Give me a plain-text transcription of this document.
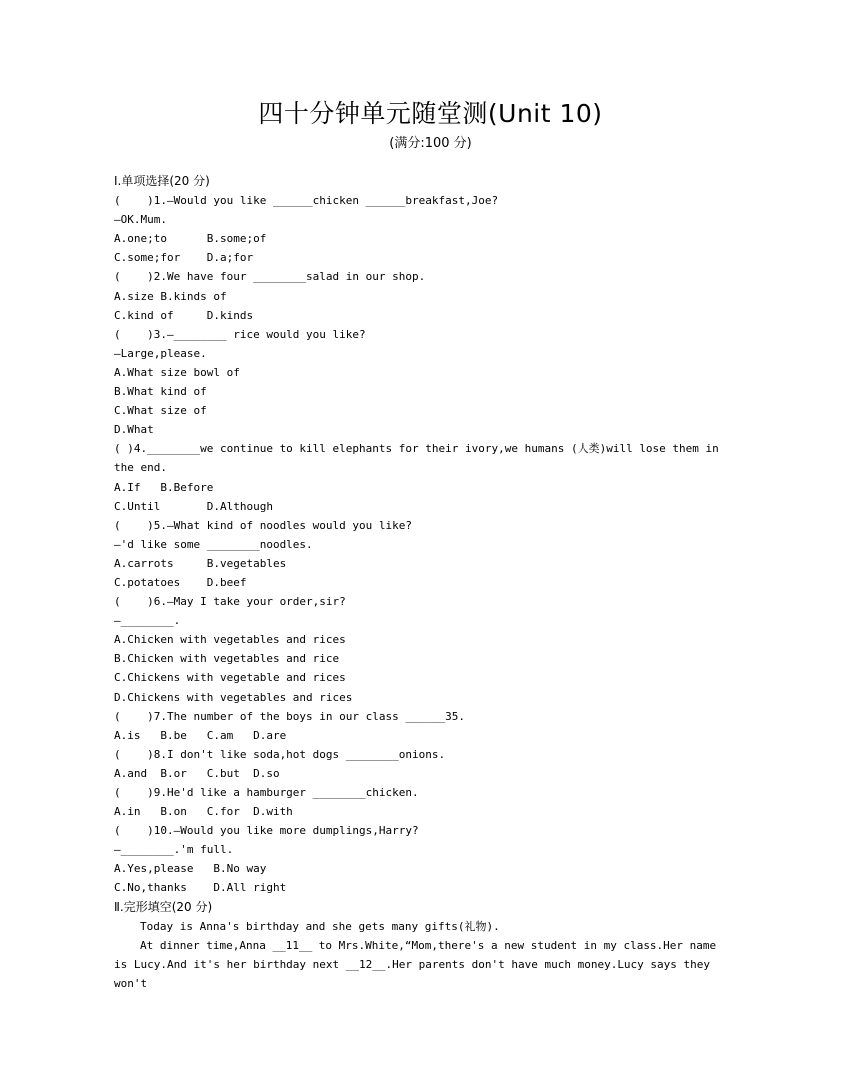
四十分钟单元随堂测(Unit 10)
(满分:100 分)
Ⅰ.单项选择(20 分)
(    )1.—Would you like ______chicken ______breakfast,Joe?
—OK.Mum.
A.one;to      B.some;of
C.some;for    D.a;for
(    )2.We have four ________salad in our shop.
A.size B.kinds of
C.kind of     D.kinds
(    )3.—________ rice would you like?
—Large,please.
A.What size bowl of
B.What kind of
C.What size of
D.What
( )4.________we continue to kill elephants for their ivory,we humans (人类)will lose them in the end.
A.If   B.Before
C.Until       D.Although
(    )5.—What kind of noodles would you like?
—'d like some ________noodles.
A.carrots     B.vegetables
C.potatoes    D.beef
(    )6.—May I take your order,sir?
—________.
A.Chicken with vegetables and rices
B.Chicken with vegetables and rice
C.Chickens with vegetable and rices
D.Chickens with vegetables and rices
(    )7.The number of the boys in our class ______35.
A.is   B.be   C.am   D.are
(    )8.I don't like soda,hot dogs ________onions.
A.and  B.or   C.but  D.so
(    )9.He'd like a hamburger ________chicken.
A.in   B.on   C.for  D.with
(    )10.—Would you like more dumplings,Harry?
—________.'m full.
A.Yes,please   B.No way
C.No,thanks    D.All right
Ⅱ.完形填空(20 分)
Today is Anna's birthday and she gets many gifts(礼物).
At dinner time,Anna __11__ to Mrs.White,“Mom,there's a new student in my class.Her name is Lucy.And it's her birthday next __12__.Her parents don't have much money.Lucy says they won't
